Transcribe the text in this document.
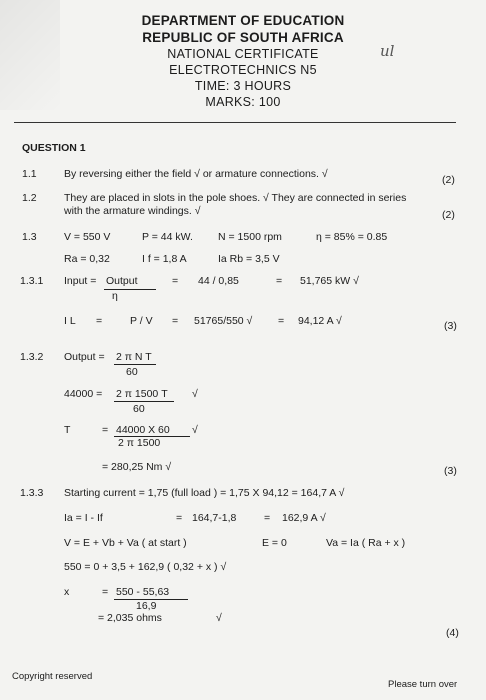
DEPARTMENT OF EDUCATION
REPUBLIC OF SOUTH AFRICA
NATIONAL CERTIFICATE
ELECTROTECHNICS N5
TIME: 3 HOURS
MARKS: 100
ul
QUESTION 1
1.1	By reversing either the field √ or armature connections. √	(2)
1.2	They are placed in slots in the pole shoes. √ They are connected in series
with the armature windings. √	(2)
1.3	V = 550 V	P = 44 kW. N = 1500 rpm	η = 85% = 0.85
Ra = 0,32	I f = 1,8 A	Ia Rb = 3,5 V
1.3.1 Input = Output
η
= 44 / 0,85	= 51,765 kW √
I L =	P / V = 51765/550 √ = 94,12 A √	(3)
1.3.2 Output = 2 π N T
60
44000 = 2 π 1500 T
60
√
T	= 44000 X 60
2 π 1500
√
= 280,25 Nm √	(3)
1.3.3 Starting current = 1,75 (full load ) = 1,75 X 94,12 = 164,7 A √
Ia = I - If	= 164,7-1,8	= 162,9 A √
V = E + Vb + Va ( at start )	E = 0	Va = Ia ( Ra + x )
550 = 0 + 3,5 + 162,9 ( 0,32 + x ) √
x	= 550 - 55,63
16,9
= 2,035 ohms	√
(4)
Copyright reserved
Please turn over
